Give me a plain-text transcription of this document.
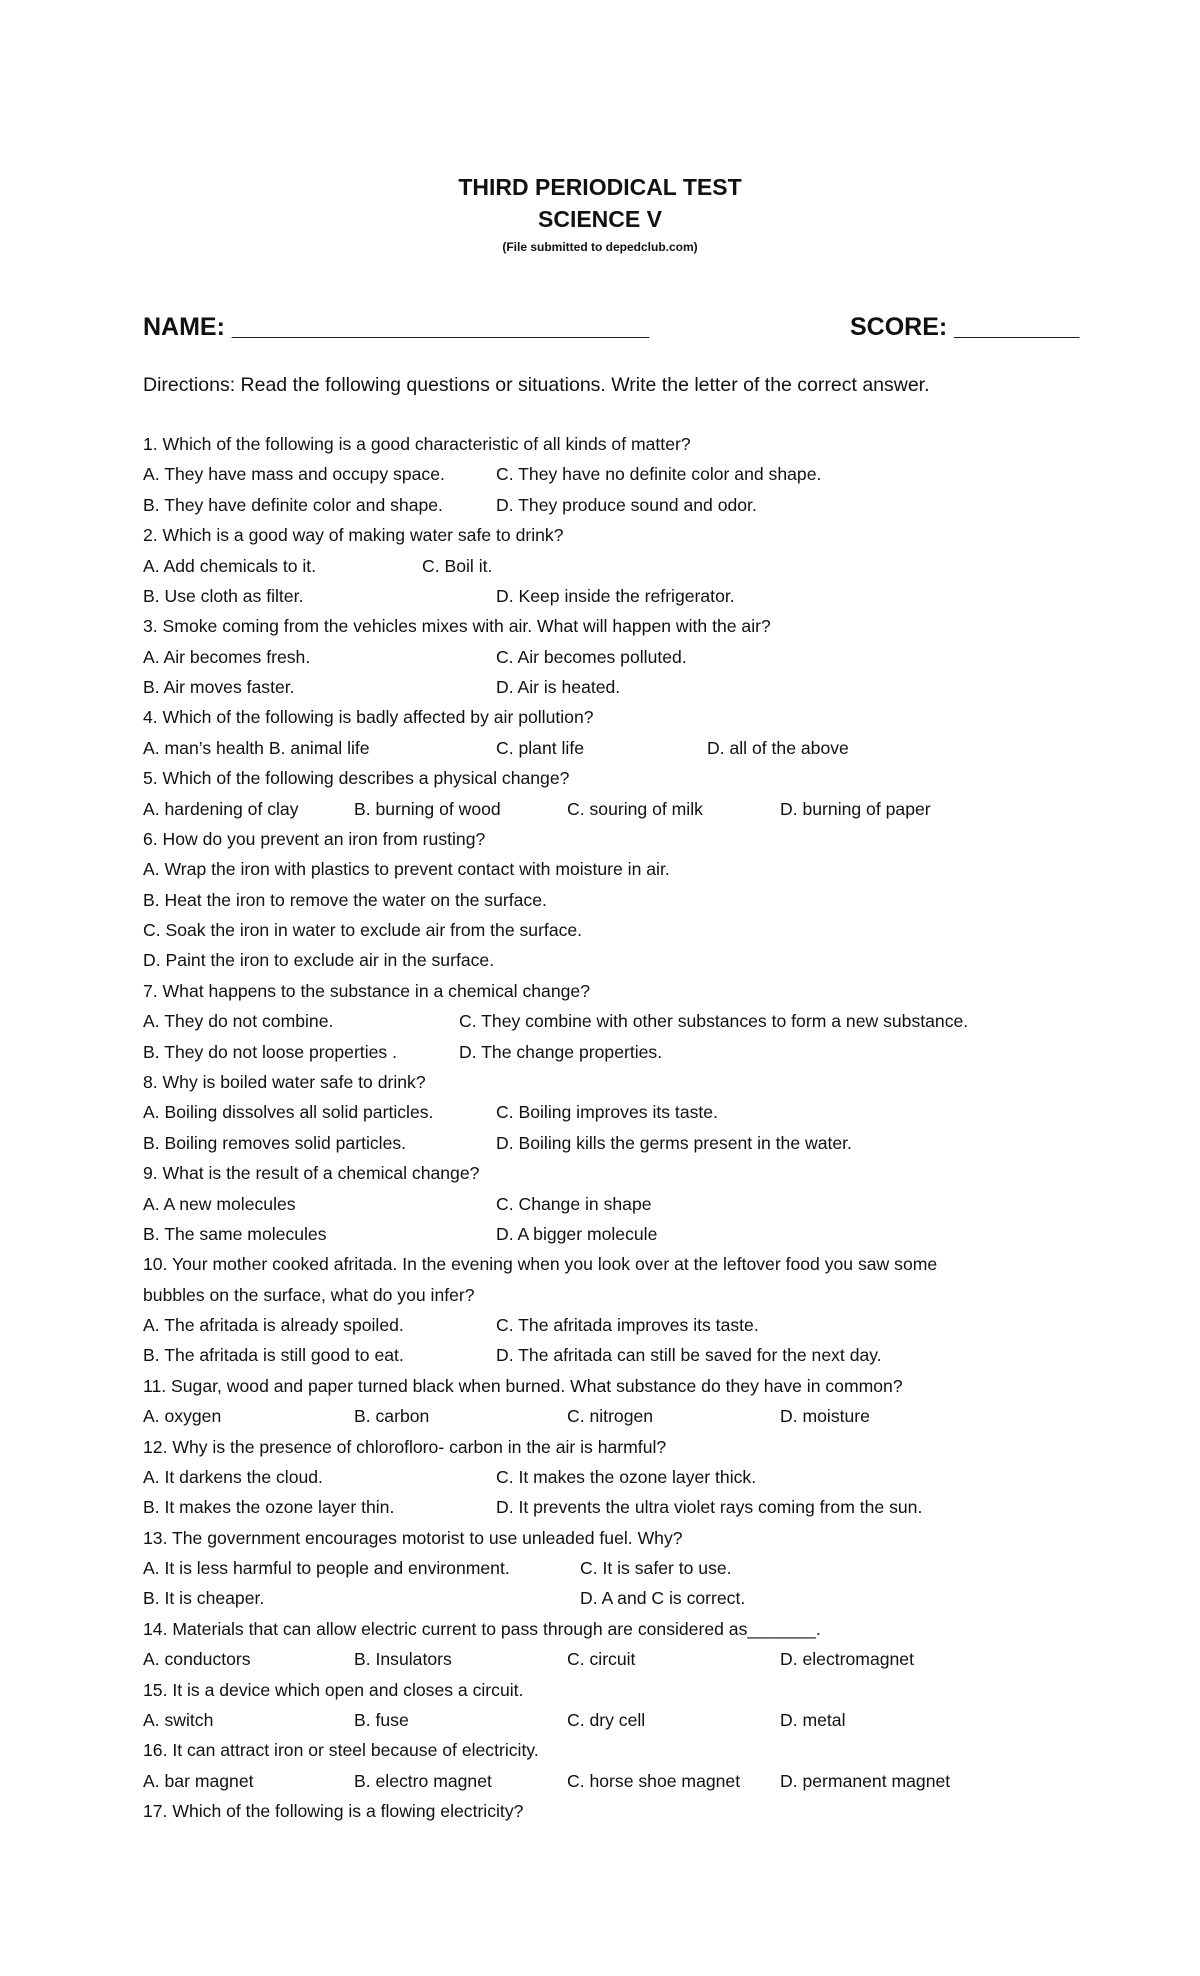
THIRD PERIODICAL TEST
SCIENCE V
(File submitted to depedclub.com)
NAME: ______________________________	SCORE: _________
Directions: Read the following questions or situations. Write the letter of the correct answer.
1. Which of the following is a good characteristic of all kinds of matter?
A. They have mass and occupy space.	C. They have no definite color and shape.
B. They have definite color and shape.	D. They produce sound and odor.
2. Which is a good way of making water safe to drink?
A. Add chemicals to it.	C. Boil it.
B. Use cloth as filter.	D. Keep inside the refrigerator.
3. Smoke coming from the vehicles mixes with air. What will happen with the air?
A. Air becomes fresh.	C. Air becomes polluted.
B. Air moves faster.	D. Air is heated.
4. Which of the following is badly affected by air pollution?
A. man’s health B. animal life	C. plant life	D. all of the above
5. Which of the following describes a physical change?
A. hardening of clay	B. burning of wood	C. souring of milk	D. burning of paper
6. How do you prevent an iron from rusting?
A. Wrap the iron with plastics to prevent contact with moisture in air.
B. Heat the iron to remove the water on the surface.
C. Soak the iron in water to exclude air from the surface.
D. Paint the iron to exclude air in the surface.
7. What happens to the substance in a chemical change?
A. They do not combine.	C. They combine with other substances to form a new substance.
B. They do not loose properties .	D. The change properties.
8. Why is boiled water safe to drink?
A. Boiling dissolves all solid particles.	C. Boiling improves its taste.
B. Boiling removes solid particles.	D. Boiling kills the germs present in the water.
9. What is the result of a chemical change?
A. A new molecules	C. Change in shape
B. The same molecules	D. A bigger molecule
10. Your mother cooked afritada. In the evening when you look over at the leftover food you saw some
bubbles on the surface, what do you infer?
A. The afritada is already spoiled.	C. The afritada improves its taste.
B. The afritada is still good to eat.	D. The afritada can still be saved for the next day.
11. Sugar, wood and paper turned black when burned. What substance do they have in common?
A. oxygen	B. carbon	C. nitrogen	D. moisture
12. Why is the presence of chlorofloro- carbon in the air is harmful?
A. It darkens the cloud.	C. It makes the ozone layer thick.
B. It makes the ozone layer thin.	D. It prevents the ultra violet rays coming from the sun.
13. The government encourages motorist to use unleaded fuel. Why?
A. It is less harmful to people and environment.	C. It is safer to use.
B. It is cheaper.	D. A and C is correct.
14. Materials that can allow electric current to pass through are considered as_______.
A. conductors	B. Insulators	C. circuit	D. electromagnet
15. It is a device which open and closes a circuit.
A. switch	B. fuse	C. dry cell	D. metal
16. It can attract iron or steel because of electricity.
A. bar magnet	B. electro magnet	C. horse shoe magnet D. permanent magnet
17. Which of the following is a flowing electricity?
